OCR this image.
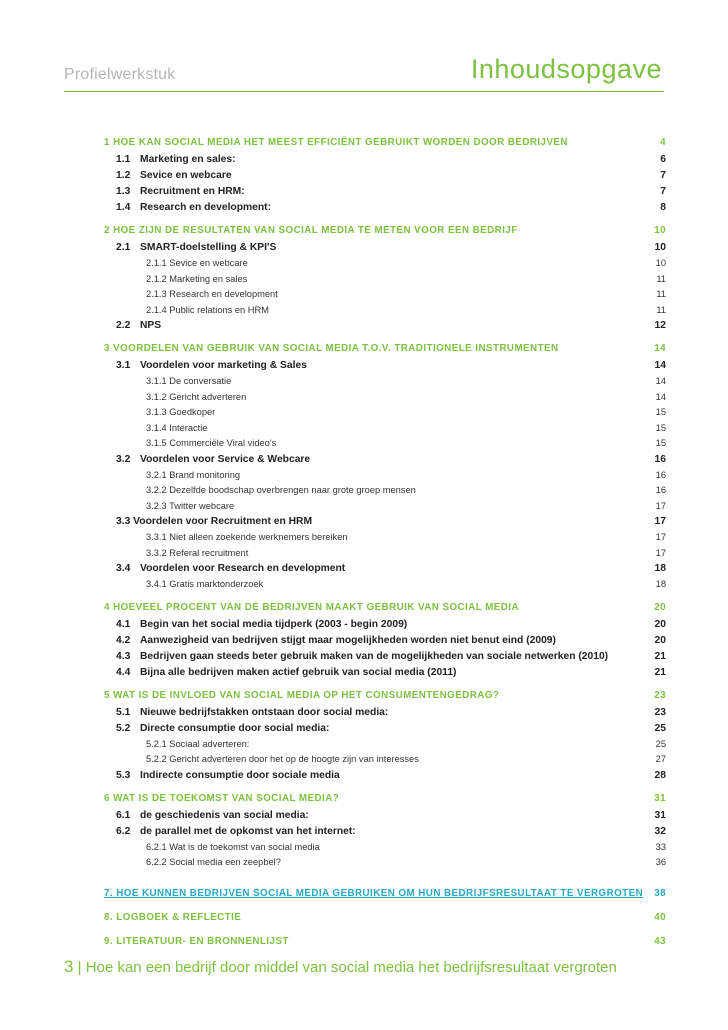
Profielwerkstuk	Inhoudsopgave
1 HOE KAN SOCIAL MEDIA HET MEEST EFFICIËNT GEBRUIKT WORDEN DOOR BEDRIJVEN	4
1.1 Marketing en sales:	6
1.2 Sevice en webcare	7
1.3 Recruitment en HRM:	7
1.4 Research en development:	8
2 HOE ZIJN DE RESULTATEN VAN SOCIAL MEDIA TE METEN VOOR EEN BEDRIJF	10
2.1 SMART-doelstelling & KPI'S	10
2.1.1 Sevice en webcare	10
2.1.2 Marketing en sales	11
2.1.3 Research en development	11
2.1.4 Public relations en HRM	11
2.2 NPS	12
3 VOORDELEN VAN GEBRUIK VAN SOCIAL MEDIA T.O.V. TRADITIONELE INSTRUMENTEN	14
3.1 Voordelen voor marketing & Sales	14
3.1.1 De conversatie	14
3.1.2 Gericht adverteren	14
3.1.3 Goedkoper	15
3.1.4 Interactie	15
3.1.5 Commerciële Viral video's	15
3.2 Voordelen voor Service & Webcare	16
3.2.1 Brand monitoring	16
3.2.2 Dezelfde boodschap overbrengen naar grote groep mensen	16
3.2.3 Twitter webcare	17
3.3 Voordelen voor Recruitment en HRM	17
3.3.1 Niet alleen zoekende werknemers bereiken	17
3.3.2 Referal recruitment	17
3.4 Voordelen voor Research en development	18
3.4.1 Gratis marktonderzoek	18
4 HOEVEEL PROCENT VAN DE BEDRIJVEN MAAKT GEBRUIK VAN SOCIAL MEDIA	20
4.1 Begin van het social media tijdperk (2003 - begin 2009)	20
4.2 Aanwezigheid van bedrijven stijgt maar mogelijkheden worden niet benut eind (2009)	20
4.3 Bedrijven gaan steeds beter gebruik maken van de mogelijkheden van sociale netwerken (2010)	21
4.4 Bijna alle bedrijven maken actief gebruik van social media (2011)	21
5 WAT IS DE INVLOED VAN SOCIAL MEDIA OP HET CONSUMENTENGEDRAG?	23
5.1 Nieuwe bedrijfstakken ontstaan door social media:	23
5.2 Directe consumptie door social media:	25
5.2.1 Sociaal adverteren:	25
5.2.2 Gericht adverteren door het op de hoogte zijn van interesses	27
5.3 Indirecte consumptie door sociale media	28
6 WAT IS DE TOEKOMST VAN SOCIAL MEDIA?	31
6.1 de geschiedenis van social media:	31
6.2 de parallel met de opkomst van het internet:	32
6.2.1 Wat is de toekomst van social media	33
6.2.2 Social media een zeepbel?	36
7. HOE KUNNEN BEDRIJVEN SOCIAL MEDIA GEBRUIKEN OM HUN BEDRIJFSRESULTAAT TE VERGROTEN 38
8. LOGBOEK & REFLECTIE	40
9. LITERATUUR- EN BRONNENLIJST	43
3 | Hoe kan een bedrijf door middel van social media het bedrijfsresultaat vergroten
